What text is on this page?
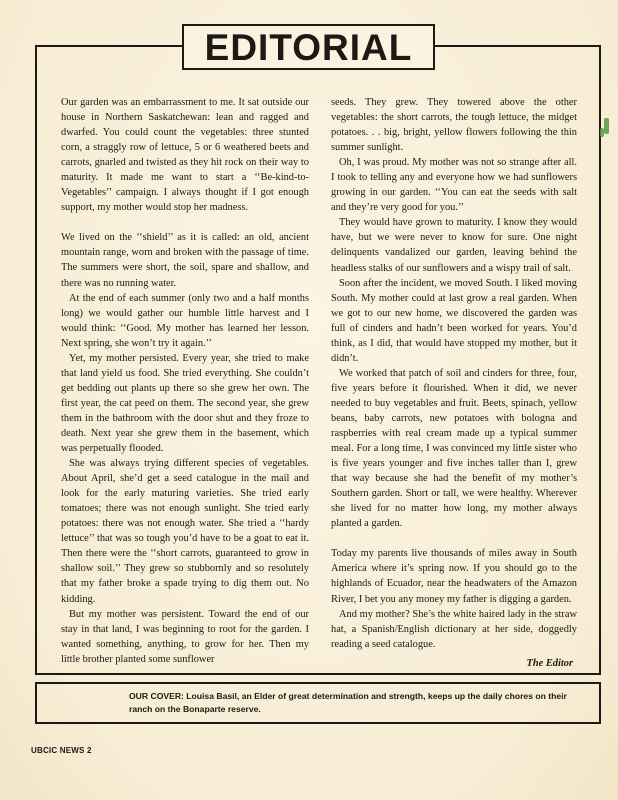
EDITORIAL

Our garden was an embarrassment to me. It sat outside our house in Northern Saskatchewan: lean and ragged and dwarfed. You could count the vegetables: three stunted corn, a straggly row of lettuce, 5 or 6 weathered beets and carrots, gnarled and twisted as they hit rock on their way to maturity. It made me want to start a ‘‘Be-kind-to-Vegetables’’ campaign. I always thought if I got enough support, my mother would stop her madness.

We lived on the ‘‘shield’’ as it is called: an old, ancient mountain range, worn and broken with the passage of time. The summers were short, the soil, spare and shallow, and there was no running water.

At the end of each summer (only two and a half months long) we would gather our humble little harvest and I would think: ‘‘Good. My mother has learned her lesson. Next spring, she won’t try it again.’’

Yet, my mother persisted. Every year, she tried to make that land yield us food. She tried everything. She couldn’t get bedding out plants up there so she grew her own. The first year, the cat peed on them. The second year, she grew them in the bathroom with the door shut and they froze to death. Next year she grew them in the basement, which was perpetually flooded.

She was always trying different species of vegetables. About April, she’d get a seed catalogue in the mail and look for the early maturing varieties. She tried early tomatoes; there was not enough sunlight. She tried early potatoes: there was not enough water. She tried a ‘‘hardy lettuce’’ that was so tough you’d have to be a goat to eat it. Then there were the ‘‘short carrots, guaranteed to grow in shallow soil.’’ They grew so stubbornly and so resolutely that my father broke a spade trying to dig them out. No kidding.

But my mother was persistent. Toward the end of our stay in that land, I was beginning to root for the garden. I wanted something, anything, to grow for her. Then my little brother planted some sunflower

seeds. They grew. They towered above the other vegetables: the short carrots, the tough lettuce, the midget potatoes. . . big, bright, yellow flowers following the thin summer sunlight.

Oh, I was proud. My mother was not so strange after all. I took to telling any and everyone how we had sunflowers growing in our garden. ‘‘You can eat the seeds with salt and they’re very good for you.’’

They would have grown to maturity. I know they would have, but we were never to know for sure. One night delinquents vandalized our garden, leaving behind the headless stalks of our sunflowers and a wispy trail of salt.

Soon after the incident, we moved South. I liked moving South. My mother could at last grow a real garden. When we got to our new home, we discovered the garden was full of cinders and hadn’t been worked for years. You’d think, as I did, that would have stopped my mother, but it didn’t.

We worked that patch of soil and cinders for three, four, five years before it flourished. When it did, we never needed to buy vegetables and fruit. Beets, spinach, yellow beans, baby carrots, new potatoes with bologna and raspberries with real cream made up a typical summer meal. For a long time, I was convinced my little sister who is five years younger and five inches taller than I, grew that way because she had the benefit of my mother’s Southern garden. Short or tall, we were healthy. Wherever she lived for no matter how long, my mother always planted a garden.

Today my parents live thousands of miles away in South America where it’s spring now. If you should go to the highlands of Ecuador, near the headwaters of the Amazon River, I bet you any money my father is digging a garden.

And my mother? She’s the white haired lady in the straw hat, a Spanish/English dictionary at her side, doggedly reading a seed catalogue.

The Editor

OUR COVER: Louisa Basil, an Elder of great determination and strength, keeps up the daily chores on their ranch on the Bonaparte reserve.
UBCIC NEWS 2
